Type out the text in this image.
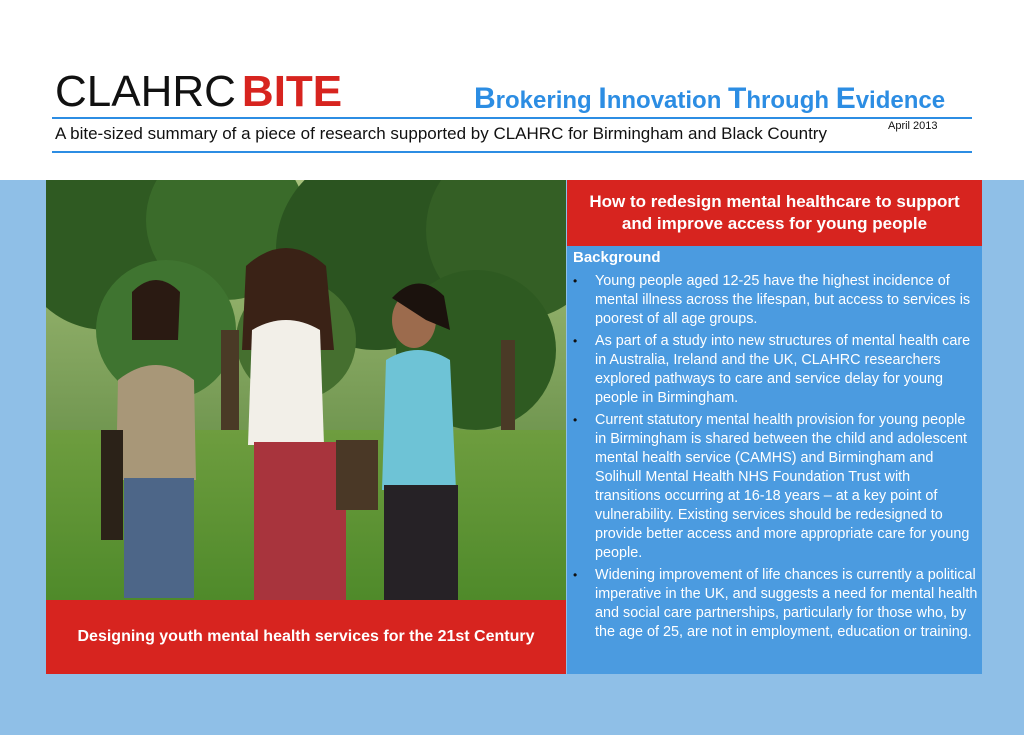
CLAHRC BITE	Brokering Innovation Through Evidence
A bite-sized summary of a piece of research supported by CLAHRC for Birmingham and Black Country	April 2013
Designing youth mental health services for the 21st Century
How to redesign mental healthcare to support and improve access for young people
Background
• Young people aged 12-25 have the highest incidence of mental illness across the lifespan, but access to services is poorest of all age groups.
• As part of a study into new structures of mental health care in Australia, Ireland and the UK, CLAHRC researchers explored pathways to care and service delay for young people in Birmingham.
• Current statutory mental health provision for young people in Birmingham is shared between the child and adolescent mental health service (CAMHS) and Birmingham and Solihull Mental Health NHS Foundation Trust with transitions occurring at 16-18 years – at a key point of vulnerability. Existing services should be redesigned to provide better access and more appropriate care for young people.
• Widening improvement of life chances is currently a political imperative in the UK, and suggests a need for mental health and social care partnerships, particularly for those who, by the age of 25, are not in employment, education or training.
